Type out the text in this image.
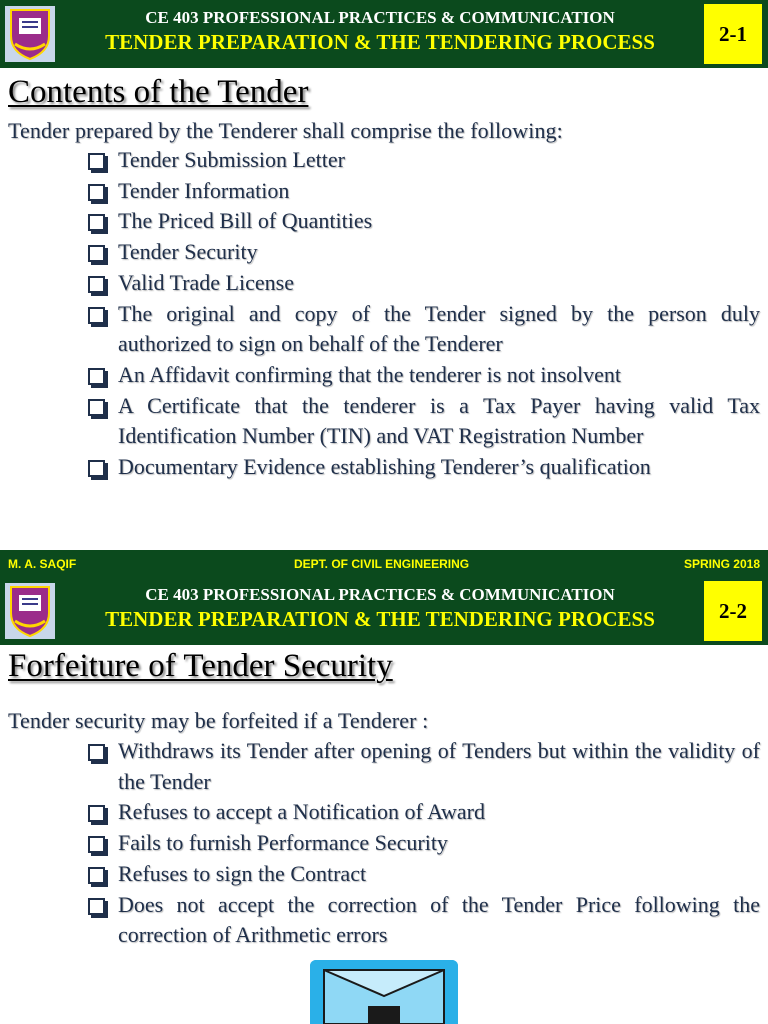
CE 403 PROFESSIONAL PRACTICES & COMMUNICATION
TENDER PREPARATION & THE TENDERING PROCESS	2-1
Contents of the Tender

Tender prepared by the Tenderer shall comprise the following:

Tender Submission Letter
Tender Information
The Priced Bill of Quantities
Tender Security
Valid Trade License
The original and copy of the Tender signed by the person duly authorized to sign on behalf of the Tenderer
An Affidavit confirming that the tenderer is not insolvent
A Certificate that the tenderer is a Tax Payer having valid Tax Identification Number (TIN) and VAT Registration Number
Documentary Evidence establishing Tenderer’s qualification
M. A. SAQIF	DEPT. OF CIVIL ENGINEERING	SPRING 2018
CE 403 PROFESSIONAL PRACTICES & COMMUNICATION
TENDER PREPARATION & THE TENDERING PROCESS	2-2
Forfeiture of Tender Security

Tender security may be forfeited if a Tenderer :

Withdraws its Tender after opening of Tenders but within the validity of the Tender
Refuses to accept a Notification of Award
Fails to furnish Performance Security
Refuses to sign the Contract
Does not accept the correction of the Tender Price following the correction of Arithmetic errors
